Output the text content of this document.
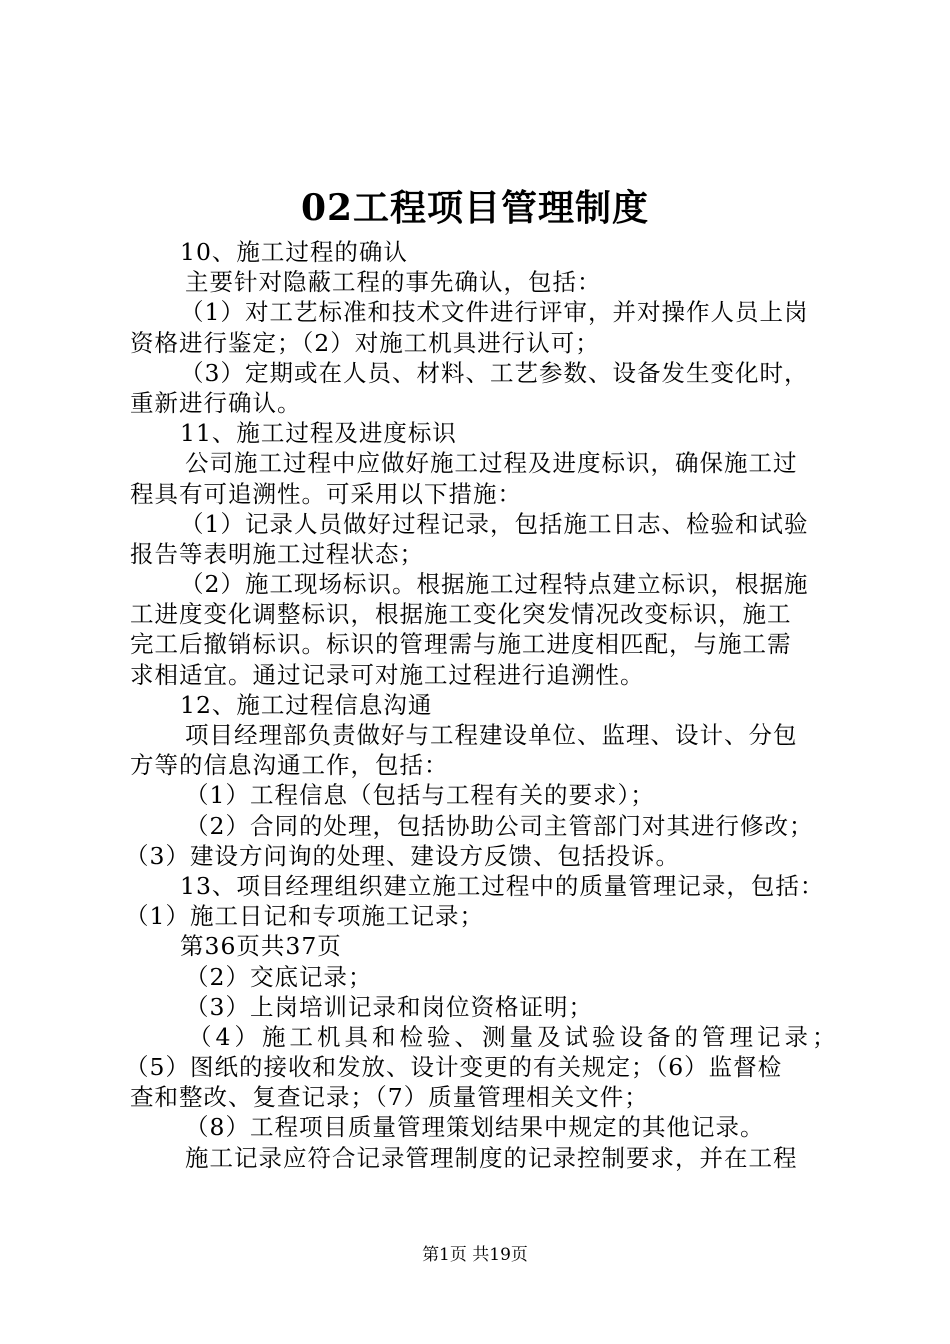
02工程项目管理制度
10、施工过程的确认
主要针对隐蔽工程的事先确认，包括：
（1）对工艺标准和技术文件进行评审，并对操作人员上岗
资格进行鉴定；（2）对施工机具进行认可；
（3）定期或在人员、材料、工艺参数、设备发生变化时，
重新进行确认。
11、施工过程及进度标识
公司施工过程中应做好施工过程及进度标识，确保施工过
程具有可追溯性。可采用以下措施：
（1）记录人员做好过程记录，包括施工日志、检验和试验
报告等表明施工过程状态；
（2）施工现场标识。根据施工过程特点建立标识，根据施
工进度变化调整标识，根据施工变化突发情况改变标识，施工
完工后撤销标识。标识的管理需与施工进度相匹配，与施工需
求相适宜。通过记录可对施工过程进行追溯性。
12、施工过程信息沟通
项目经理部负责做好与工程建设单位、监理、设计、分包
方等的信息沟通工作，包括：
（1）工程信息（包括与工程有关的要求）；
（2）合同的处理，包括协助公司主管部门对其进行修改；
（3）建设方问询的处理、建设方反馈、包括投诉。
13、项目经理组织建立施工过程中的质量管理记录，包括：
（1）施工日记和专项施工记录；
第36页共37页
（2）交底记录；
（3）上岗培训记录和岗位资格证明；
（4）施工机具和检验、测量及试验设备的管理记录；
（5）图纸的接收和发放、设计变更的有关规定；（6）监督检
查和整改、复查记录；（7）质量管理相关文件；
（8）工程项目质量管理策划结果中规定的其他记录。
施工记录应符合记录管理制度的记录控制要求，并在工程
第1页 共19页
